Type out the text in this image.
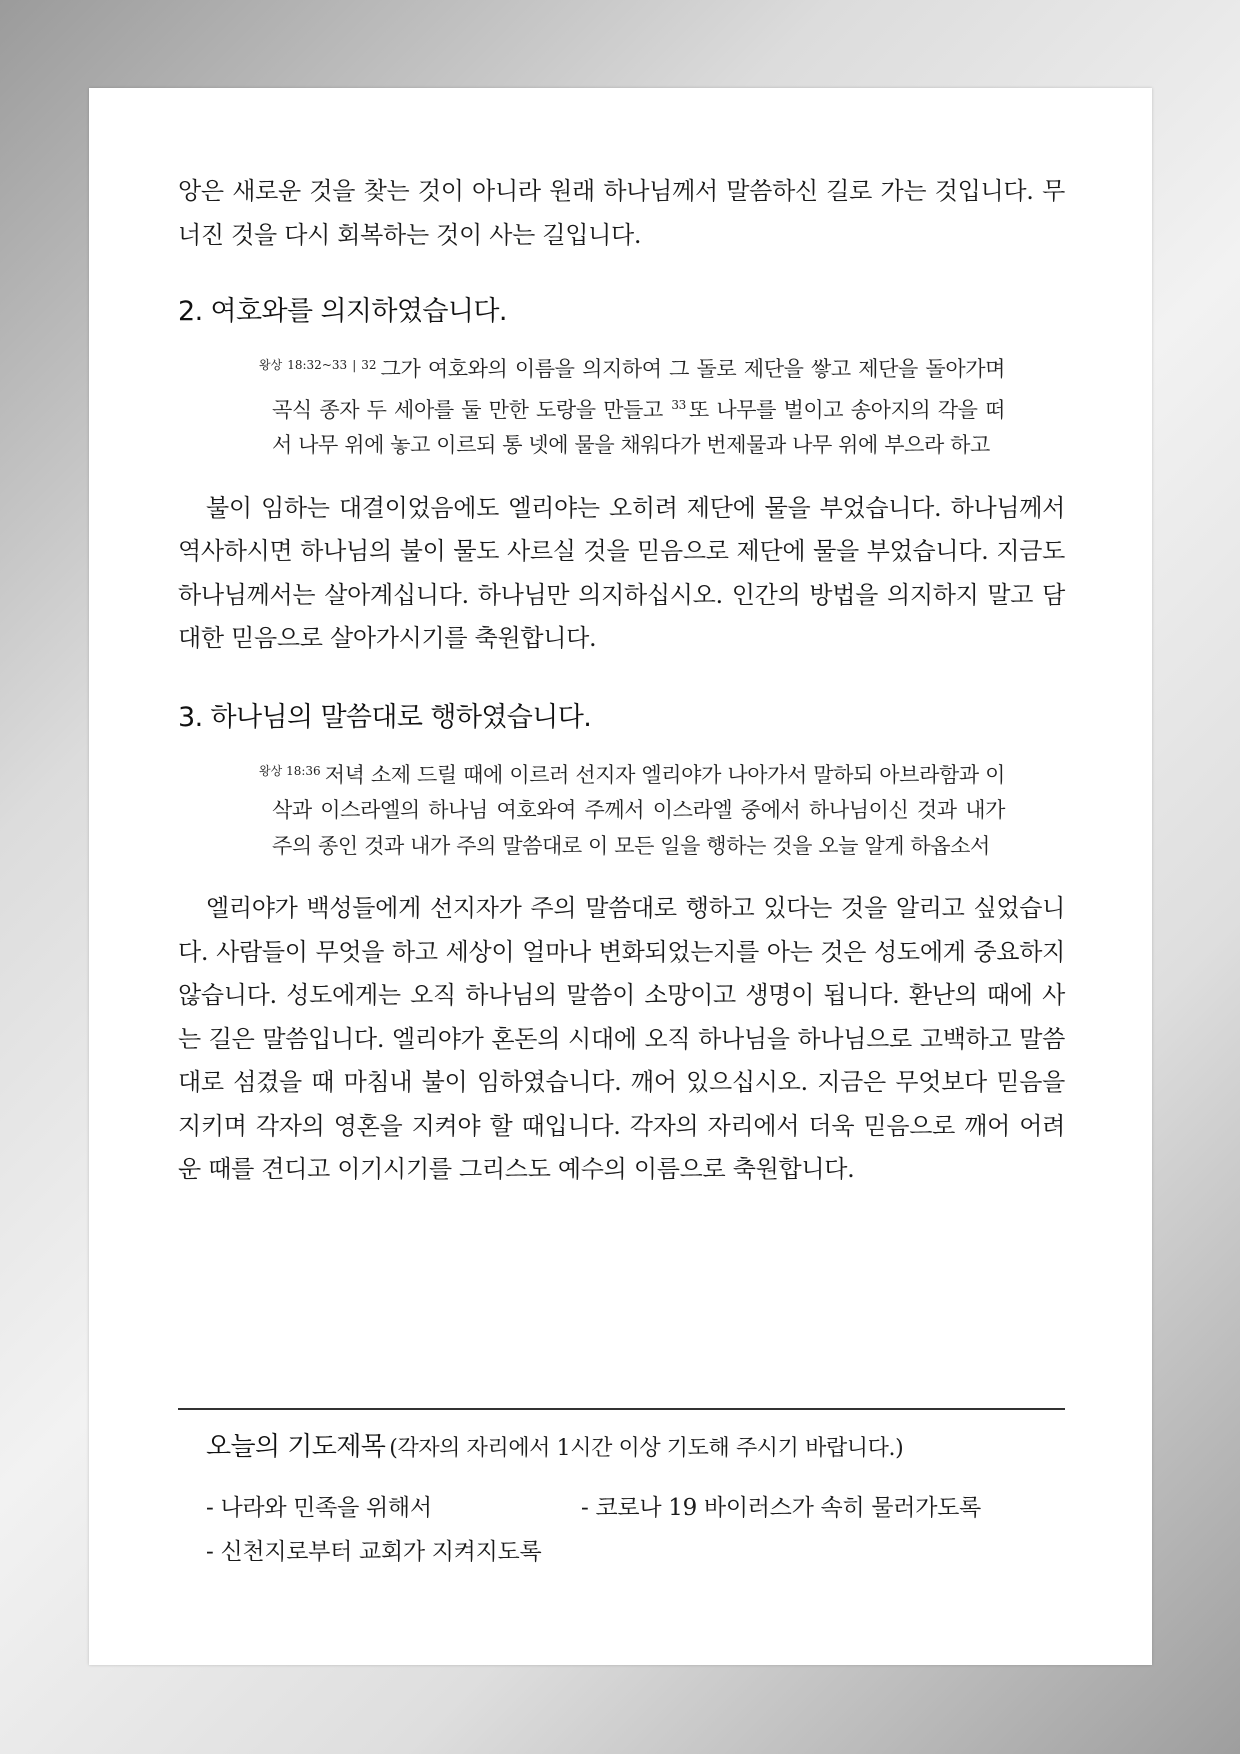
앙은 새로운 것을 찾는 것이 아니라 원래 하나님께서 말씀하신 길로 가는 것입니다. 무너진 것을 다시 회복하는 것이 사는 길입니다.

2. 여호와를 의지하였습니다.

$^{왕상 18:32\sim 33 | 32}$ 그가 여호와의 이름을 의지하여 그 돌로 제단을 쌓고 제단을 돌아가며 곡식 종자 두 세아를 둘 만한 도랑을 만들고 $^{33}$ 또 나무를 벌이고 송아지의 각을 떠서 나무 위에 놓고 이르되 통 넷에 물을 채워다가 번제물과 나무 위에 부으라 하고

불이 임하는 대결이었음에도 엘리야는 오히려 제단에 물을 부었습니다. 하나님께서 역사하시면 하나님의 불이 물도 사르실 것을 믿음으로 제단에 물을 부었습니다. 지금도 하나님께서는 살아계십니다. 하나님만 의지하십시오. 인간의 방법을 의지하지 말고 담대한 믿음으로 살아가시기를 축원합니다.

3. 하나님의 말씀대로 행하였습니다.

$^{왕상 18:36}$ 저녁 소제 드릴 때에 이르러 선지자 엘리야가 나아가서 말하되 아브라함과 이삭과 이스라엘의 하나님 여호와여 주께서 이스라엘 중에서 하나님이신 것과 내가 주의 종인 것과 내가 주의 말씀대로 이 모든 일을 행하는 것을 오늘 알게 하옵소서

엘리야가 백성들에게 선지자가 주의 말씀대로 행하고 있다는 것을 알리고 싶었습니다. 사람들이 무엇을 하고 세상이 얼마나 변화되었는지를 아는 것은 성도에게 중요하지 않습니다. 성도에게는 오직 하나님의 말씀이 소망이고 생명이 됩니다. 환난의 때에 사는 길은 말씀입니다. 엘리야가 혼돈의 시대에 오직 하나님을 하나님으로 고백하고 말씀대로 섬겼을 때 마침내 불이 임하였습니다. 깨어 있으십시오. 지금은 무엇보다 믿음을 지키며 각자의 영혼을 지켜야 할 때입니다. 각자의 자리에서 더욱 믿음으로 깨어 어려운 때를 견디고 이기시기를 그리스도 예수의 이름으로 축원합니다.

오늘의 기도제목 (각자의 자리에서 1시간 이상 기도해 주시기 바랍니다.)
- 나라와 민족을 위해서	- 코로나 19 바이러스가 속히 물러가도록
- 신천지로부터 교회가 지켜지도록
